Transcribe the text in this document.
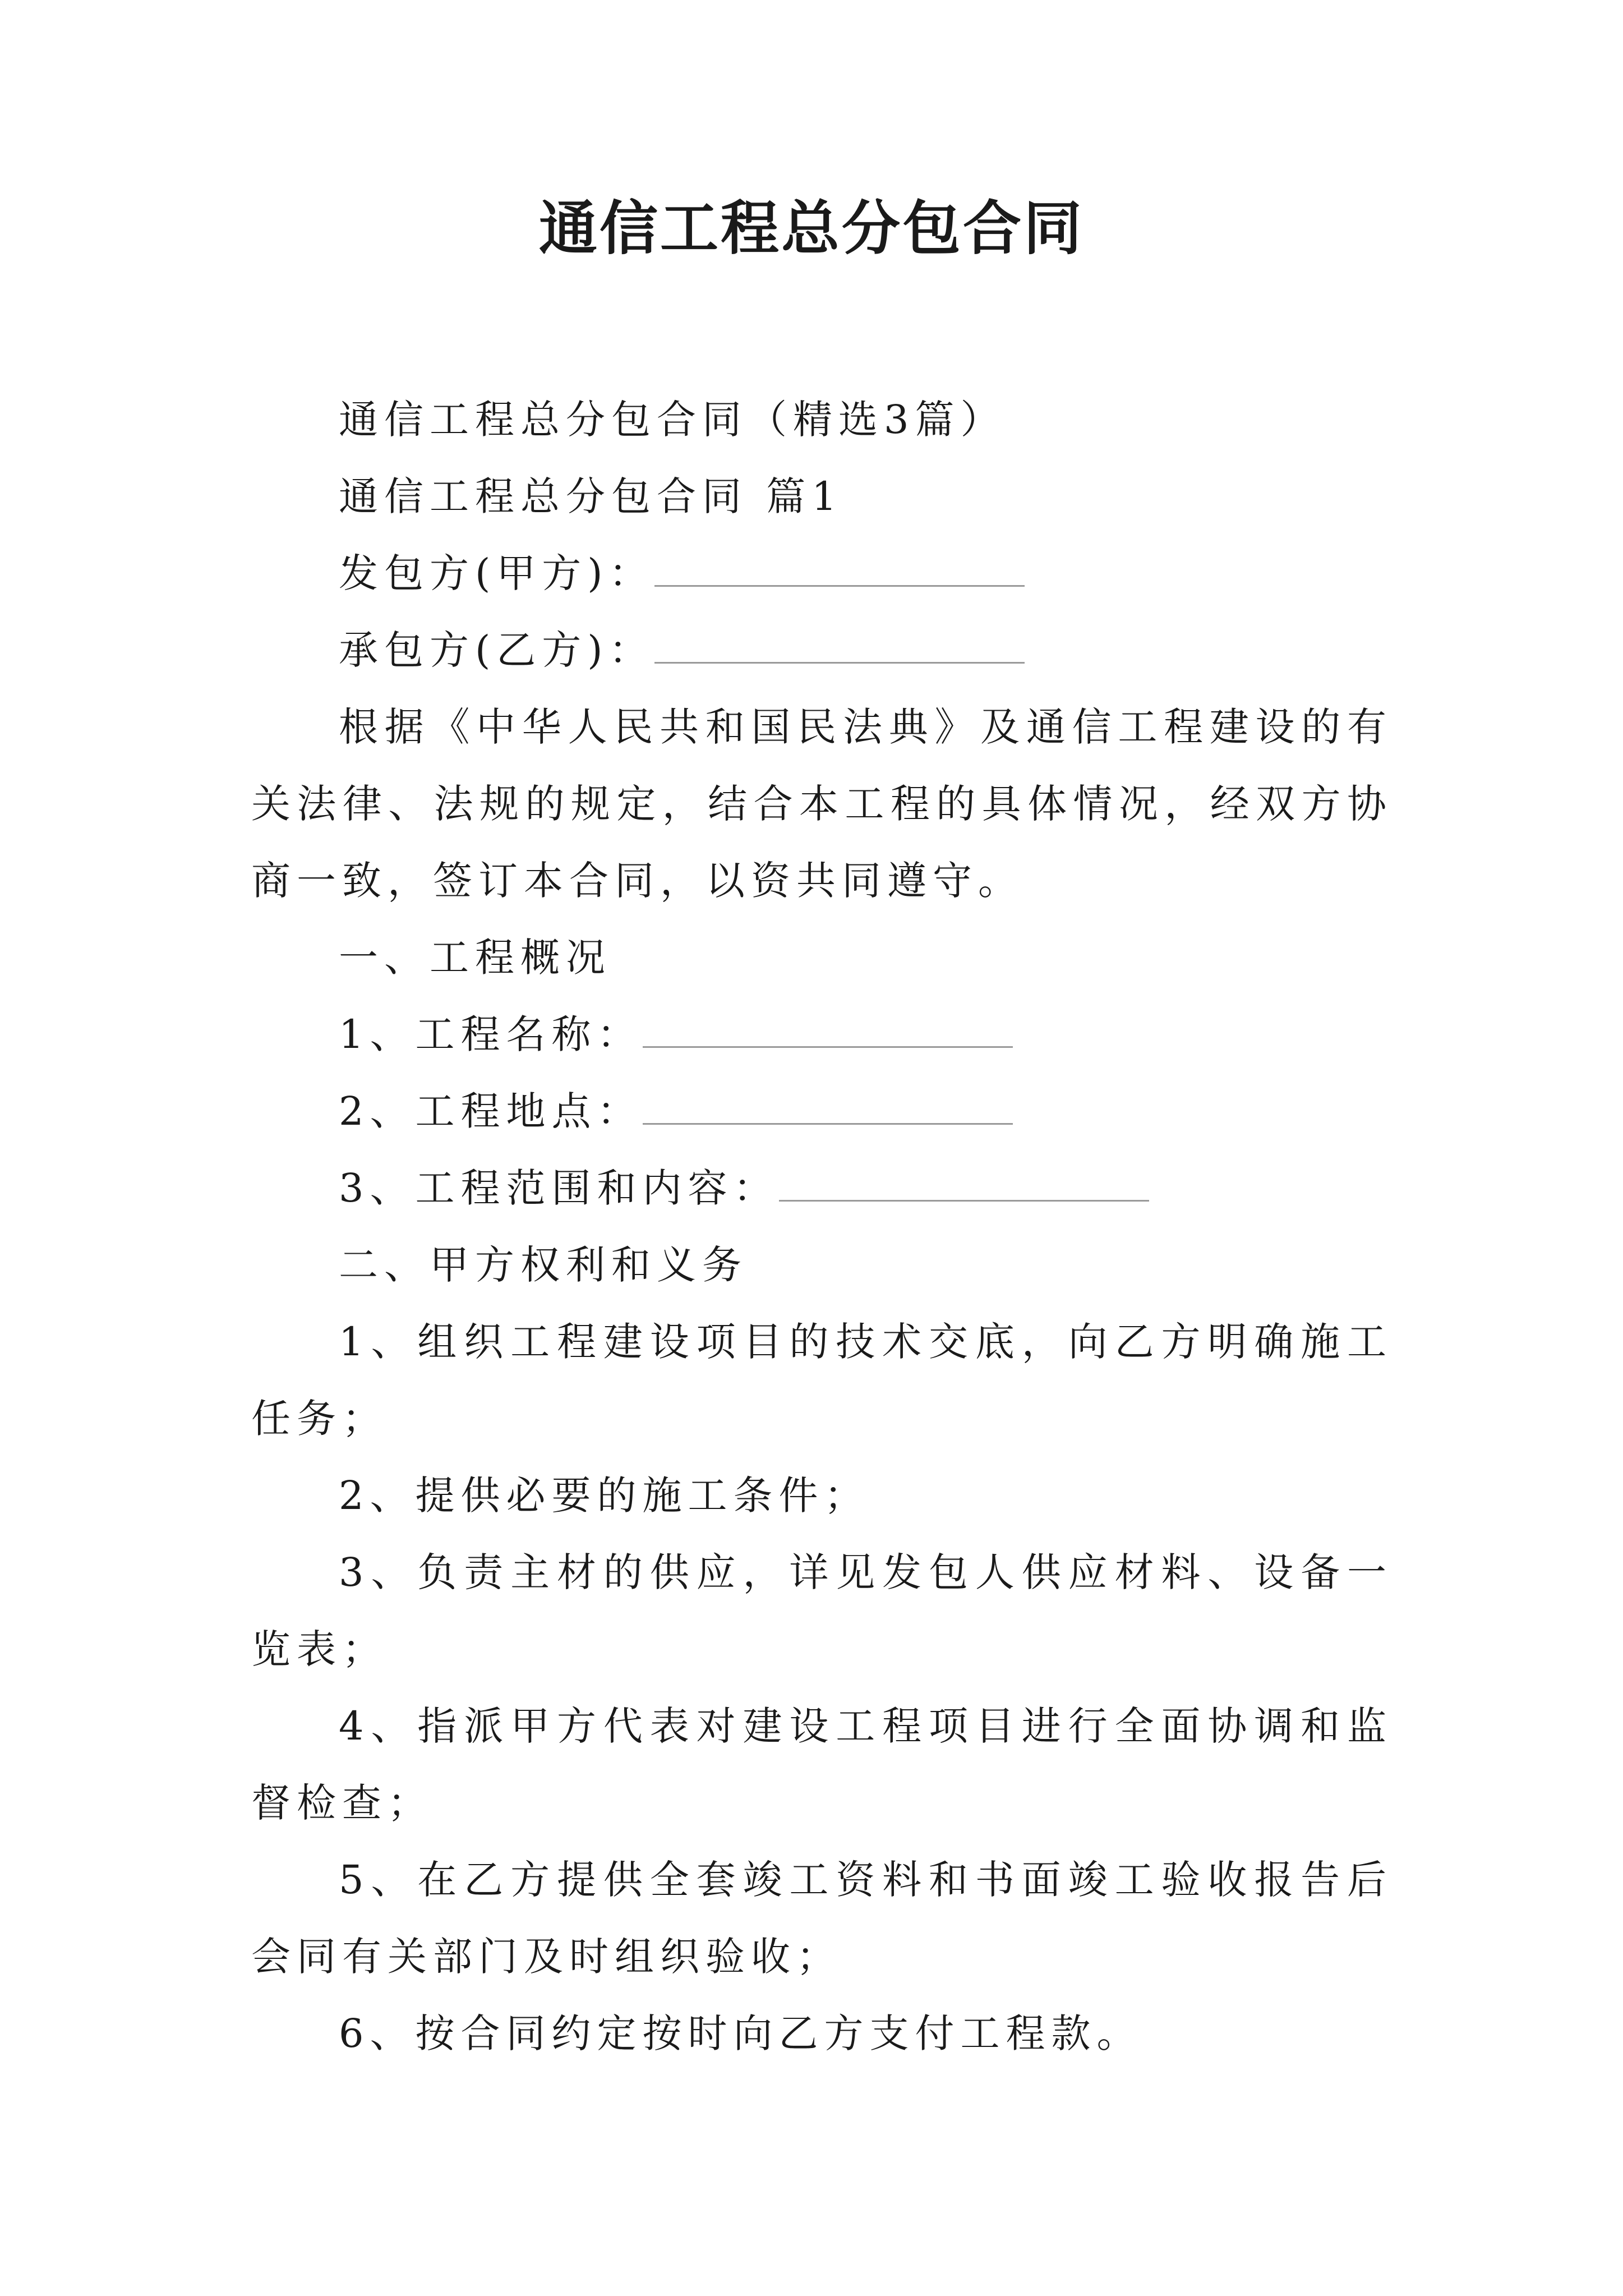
通信工程总分包合同

通信工程总分包合同（精选3篇）

通信工程总分包合同 篇1

发包方(甲方)：

承包方(乙方)：

根据《中华人民共和国民法典》及通信工程建设的有关法律、法规的规定，结合本工程的具体情况，经双方协商一致，签订本合同，以资共同遵守。

一、工程概况

1、工程名称：

2、工程地点：

3、工程范围和内容：

二、甲方权利和义务

1、组织工程建设项目的技术交底，向乙方明确施工任务；

2、提供必要的施工条件；

3、负责主材的供应，详见发包人供应材料、设备一览表；

4、指派甲方代表对建设工程项目进行全面协调和监督检查；

5、在乙方提供全套竣工资料和书面竣工验收报告后会同有关部门及时组织验收；

6、按合同约定按时向乙方支付工程款。
